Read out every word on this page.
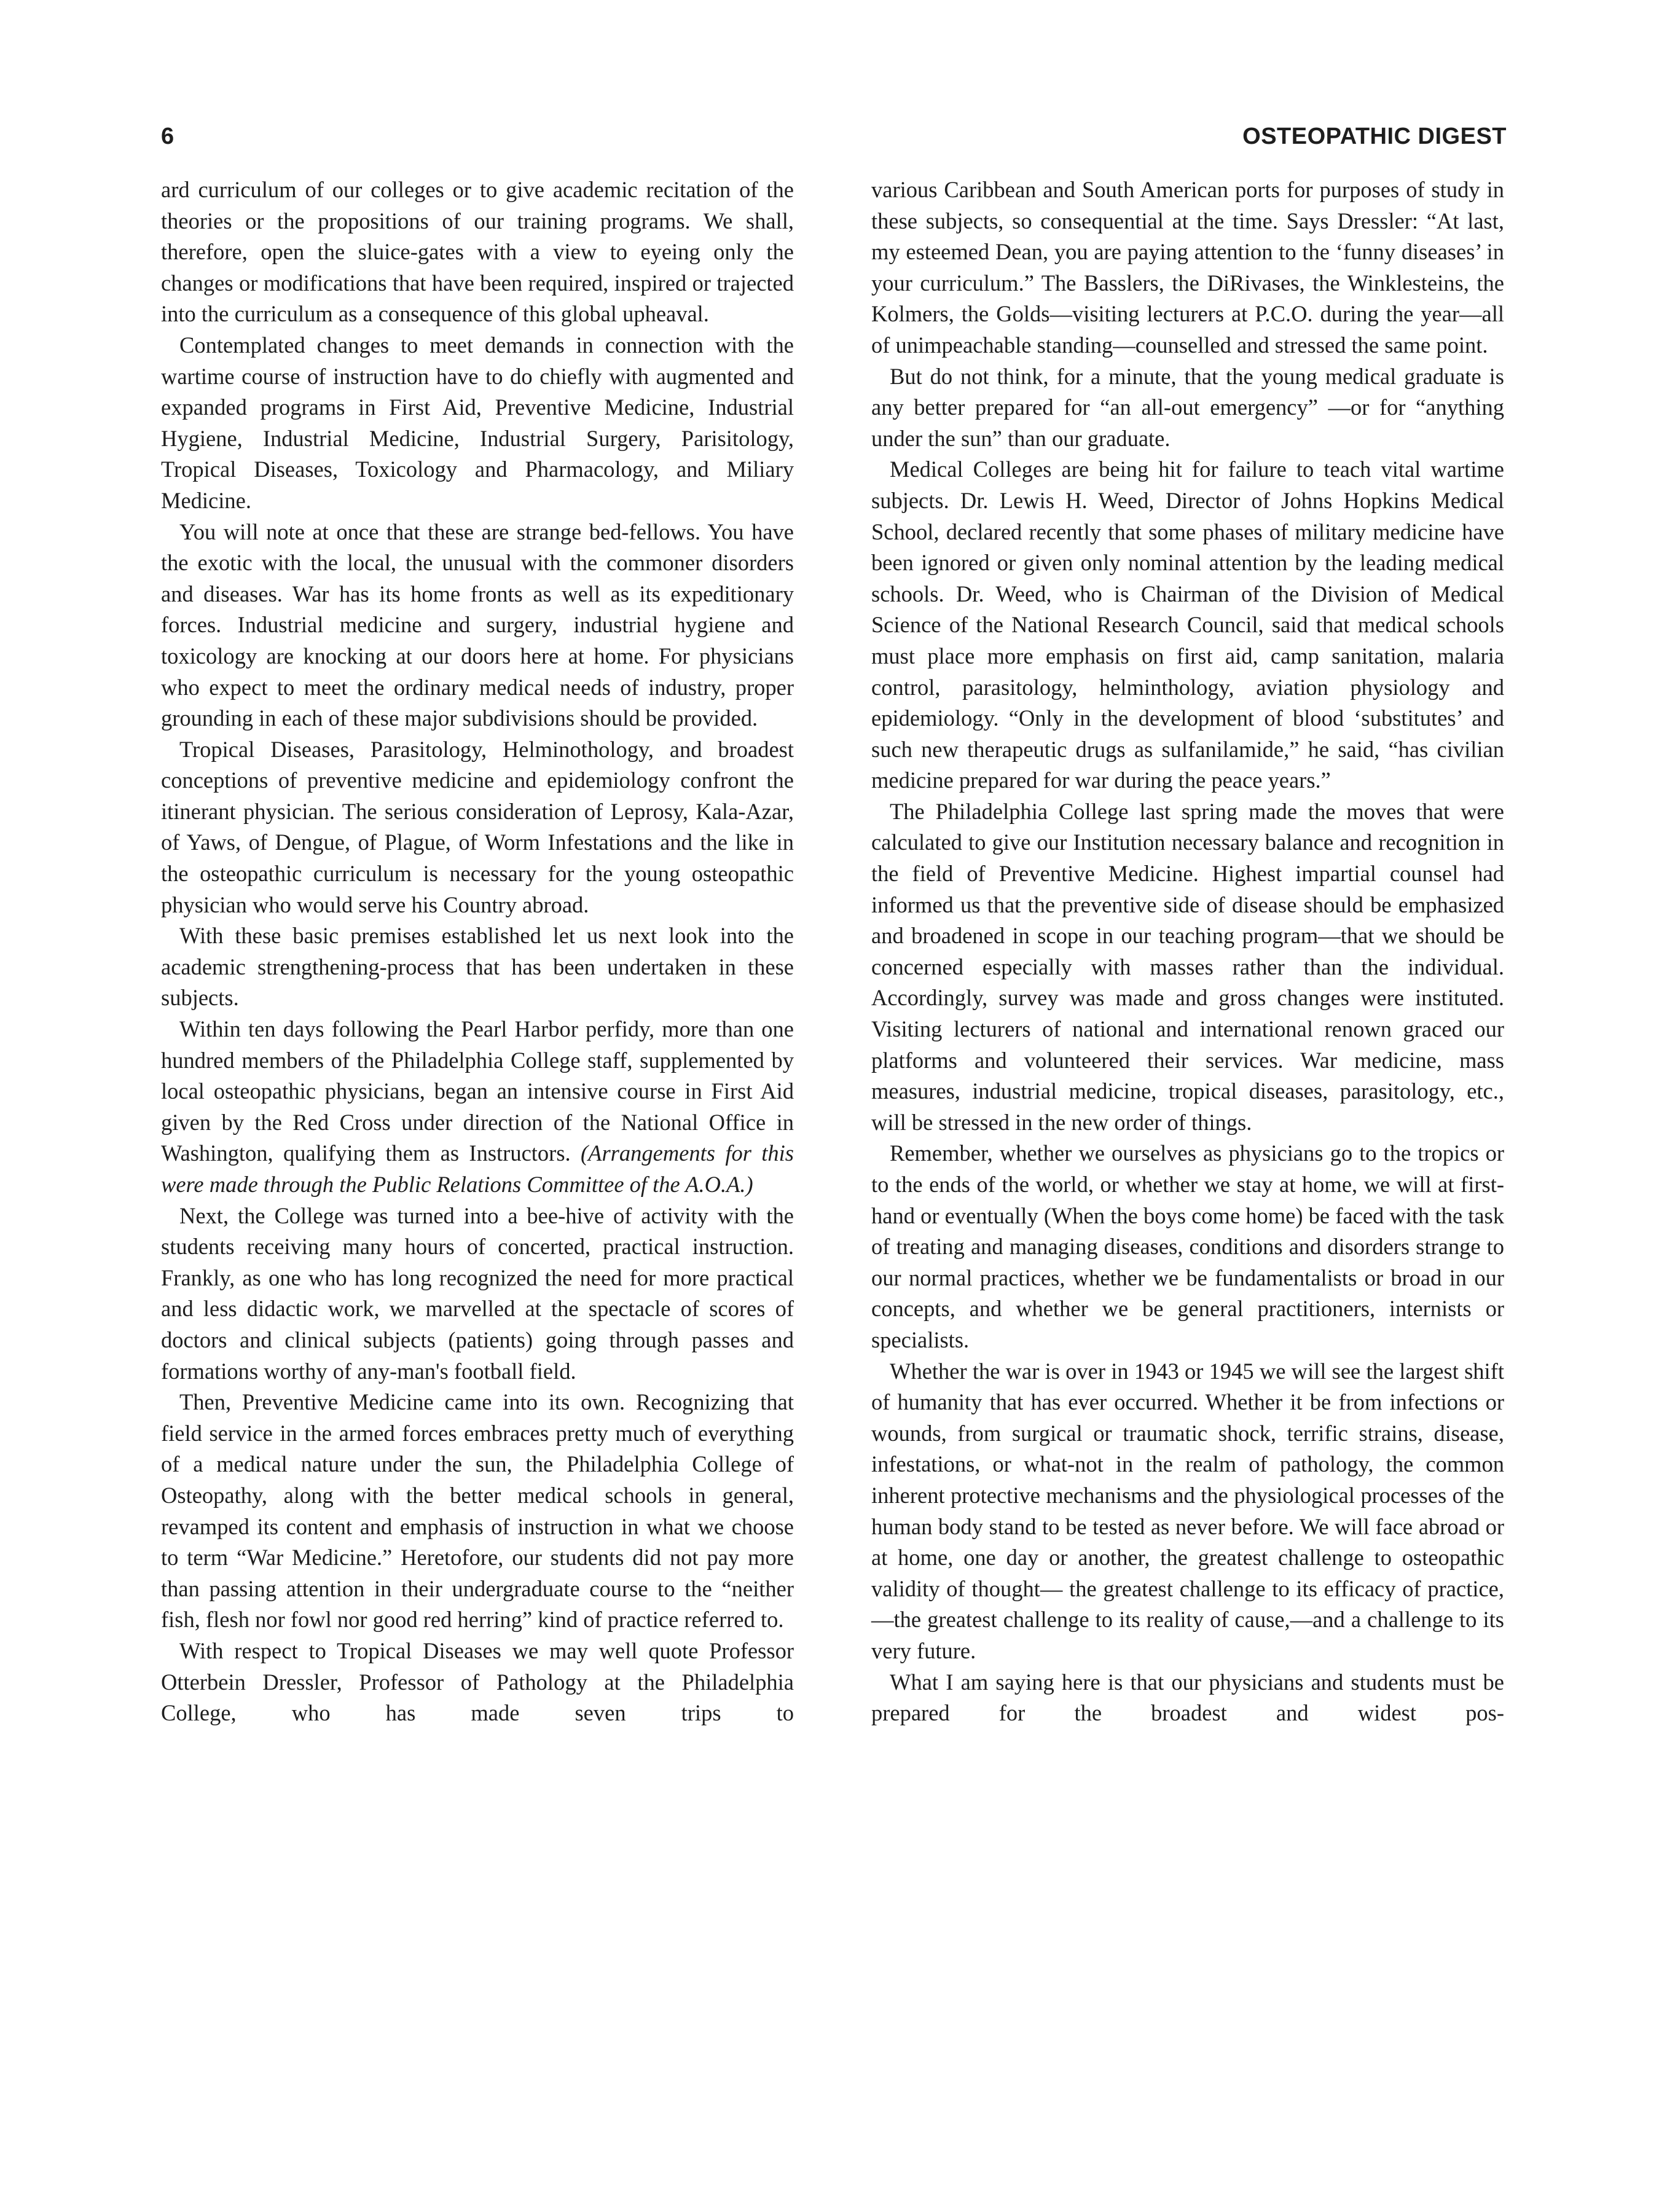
6	OSTEOPATHIC DIGEST

ard curriculum of our colleges or to give academic recitation of the theories or the propositions of our training programs. We shall, therefore, open the sluice-gates with a view to eyeing only the changes or modifications that have been required, inspired or trajected into the curriculum as a consequence of this global upheaval.

Contemplated changes to meet demands in connection with the wartime course of instruction have to do chiefly with augmented and expanded programs in First Aid, Preventive Medicine, Industrial Hygiene, Industrial Medicine, Industrial Surgery, Parisitology, Tropical Diseases, Toxicology and Pharmacology, and Miliary Medicine.

You will note at once that these are strange bed-fellows. You have the exotic with the local, the unusual with the commoner disorders and diseases. War has its home fronts as well as its expeditionary forces. Industrial medicine and surgery, industrial hygiene and toxicology are knocking at our doors here at home. For physicians who expect to meet the ordinary medical needs of industry, proper grounding in each of these major subdivisions should be provided.

Tropical Diseases, Parasitology, Helminothology, and broadest conceptions of preventive medicine and epidemiology confront the itinerant physician. The serious consideration of Leprosy, Kala-Azar, of Yaws, of Dengue, of Plague, of Worm Infestations and the like in the osteopathic curriculum is necessary for the young osteopathic physician who would serve his Country abroad.

With these basic premises established let us next look into the academic strengthening-process that has been undertaken in these subjects.

Within ten days following the Pearl Harbor perfidy, more than one hundred members of the Philadelphia College staff, supplemented by local osteopathic physicians, began an intensive course in First Aid given by the Red Cross under direction of the National Office in Washington, qualifying them as Instructors. (Arrangements for this were made through the Public Relations Committee of the A.O.A.)

Next, the College was turned into a bee-hive of activity with the students receiving many hours of concerted, practical instruction. Frankly, as one who has long recognized the need for more practical and less didactic work, we marvelled at the spectacle of scores of doctors and clinical subjects (patients) going through passes and formations worthy of any-man's football field.

Then, Preventive Medicine came into its own. Recognizing that field service in the armed forces embraces pretty much of everything of a medical nature under the sun, the Philadelphia College of Osteopathy, along with the better medical schools in general, revamped its content and emphasis of instruction in what we choose to term “War Medicine.” Heretofore, our students did not pay more than passing attention in their undergraduate course to the “neither fish, flesh nor fowl nor good red herring” kind of practice referred to.

With respect to Tropical Diseases we may well quote Professor Otterbein Dressler, Professor of Pathology at the Philadelphia College, who has made seven trips to

various Caribbean and South American ports for purposes of study in these subjects, so consequential at the time. Says Dressler: “At last, my esteemed Dean, you are paying attention to the ‘funny diseases’ in your curriculum.” The Basslers, the DiRivases, the Winklesteins, the Kolmers, the Golds—visiting lecturers at P.C.O. during the year—all of unimpeachable standing—counselled and stressed the same point.

But do not think, for a minute, that the young medical graduate is any better prepared for “an all-out emergency” —or for “anything under the sun” than our graduate.

Medical Colleges are being hit for failure to teach vital wartime subjects. Dr. Lewis H. Weed, Director of Johns Hopkins Medical School, declared recently that some phases of military medicine have been ignored or given only nominal attention by the leading medical schools. Dr. Weed, who is Chairman of the Division of Medical Science of the National Research Council, said that medical schools must place more emphasis on first aid, camp sanitation, malaria control, parasitology, helminthology, aviation physiology and epidemiology. “Only in the development of blood ‘substitutes’ and such new therapeutic drugs as sulfanilamide,” he said, “has civilian medicine prepared for war during the peace years.”

The Philadelphia College last spring made the moves that were calculated to give our Institution necessary balance and recognition in the field of Preventive Medicine. Highest impartial counsel had informed us that the preventive side of disease should be emphasized and broadened in scope in our teaching program—that we should be concerned especially with masses rather than the individual. Accordingly, survey was made and gross changes were instituted. Visiting lecturers of national and international renown graced our platforms and volunteered their services. War medicine, mass measures, industrial medicine, tropical diseases, parasitology, etc., will be stressed in the new order of things.

Remember, whether we ourselves as physicians go to the tropics or to the ends of the world, or whether we stay at home, we will at first-hand or eventually (When the boys come home) be faced with the task of treating and managing diseases, conditions and disorders strange to our normal practices, whether we be fundamentalists or broad in our concepts, and whether we be general practitioners, internists or specialists.

Whether the war is over in 1943 or 1945 we will see the largest shift of humanity that has ever occurred. Whether it be from infections or wounds, from surgical or traumatic shock, terrific strains, disease, infestations, or what-not in the realm of pathology, the common inherent protective mechanisms and the physiological processes of the human body stand to be tested as never before. We will face abroad or at home, one day or another, the greatest challenge to osteopathic validity of thought— the greatest challenge to its efficacy of practice,—the greatest challenge to its reality of cause,—and a challenge to its very future.

What I am saying here is that our physicians and students must be prepared for the broadest and widest pos-
